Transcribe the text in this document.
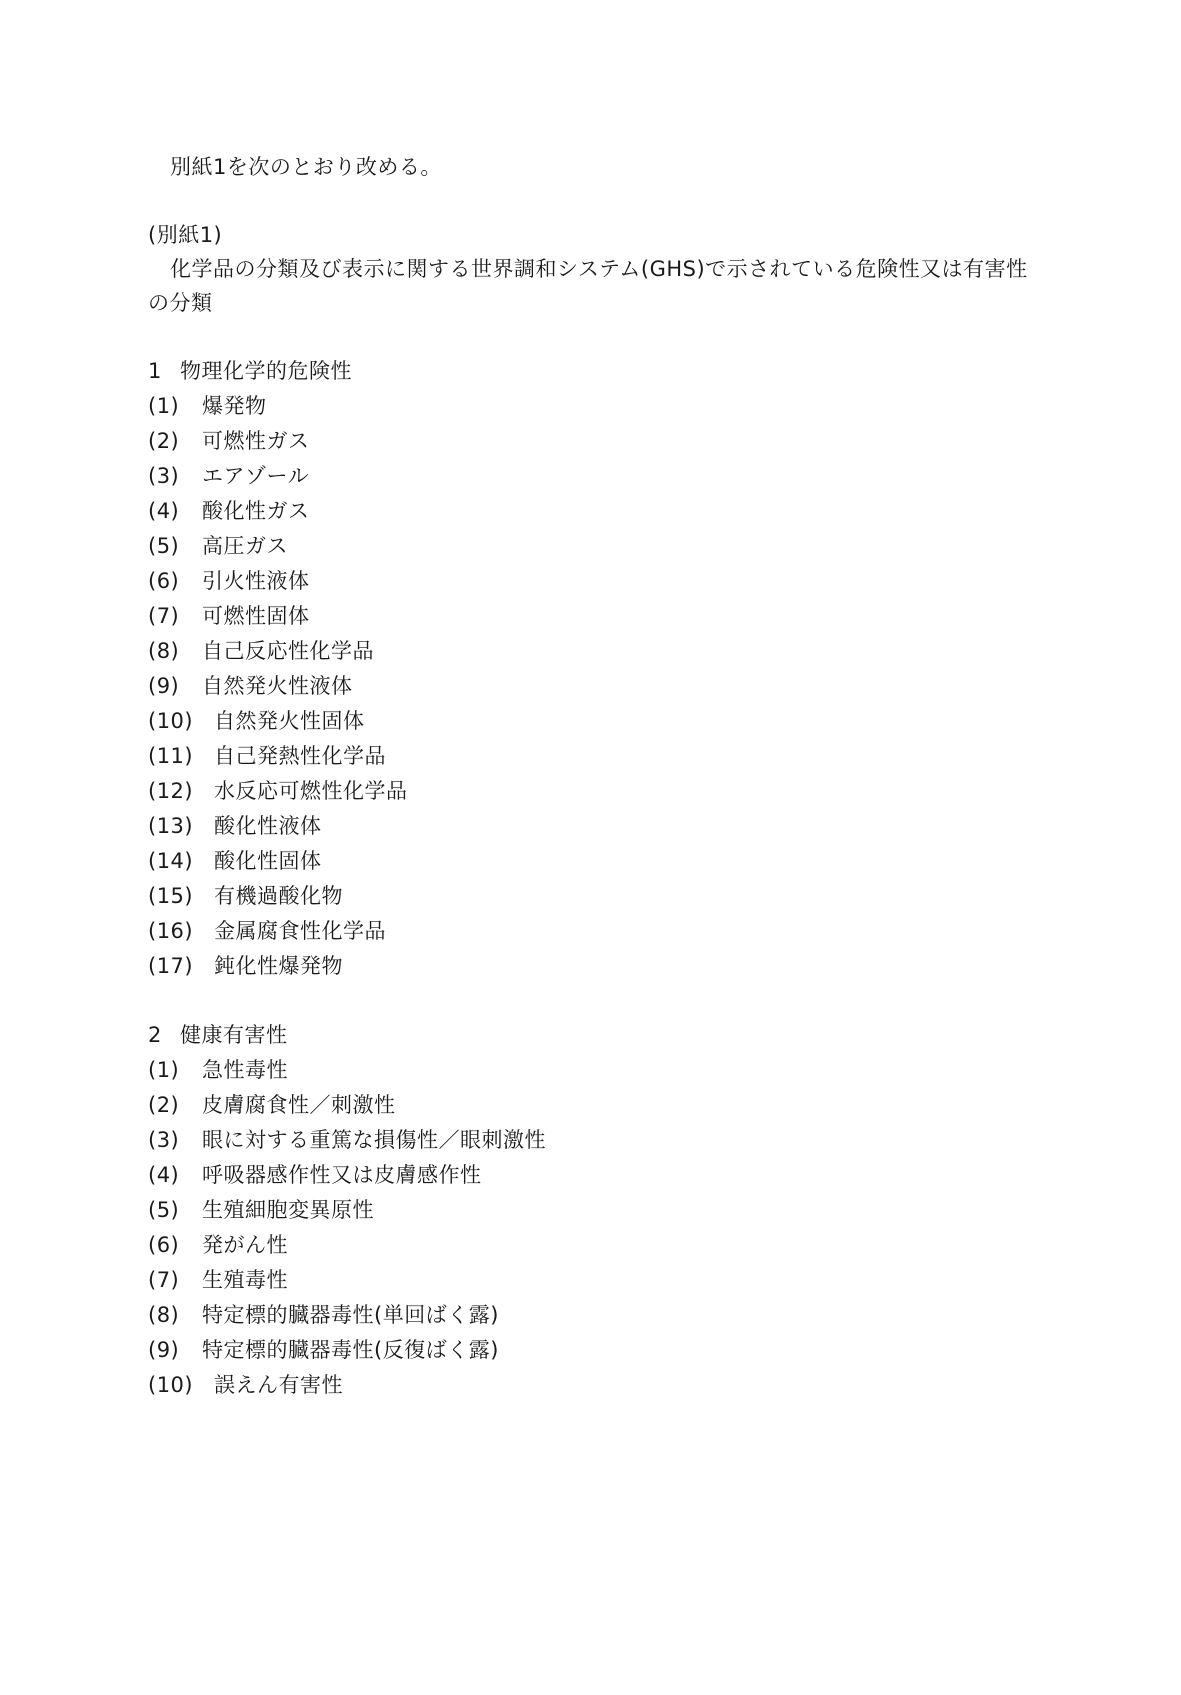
別紙1を次のとおり改める。
(別紙1)
化学品の分類及び表示に関する世界調和システム(GHS)で示されている危険性又は有害性
の分類
1 物理化学的危険性
(1) 爆発物
(2) 可燃性ガス
(3) エアゾール
(4) 酸化性ガス
(5) 高圧ガス
(6) 引火性液体
(7) 可燃性固体
(8) 自己反応性化学品
(9) 自然発火性液体
(10) 自然発火性固体
(11) 自己発熱性化学品
(12) 水反応可燃性化学品
(13) 酸化性液体
(14) 酸化性固体
(15) 有機過酸化物
(16) 金属腐食性化学品
(17) 鈍化性爆発物
2 健康有害性
(1) 急性毒性
(2) 皮膚腐食性／刺激性
(3) 眼に対する重篤な損傷性／眼刺激性
(4) 呼吸器感作性又は皮膚感作性
(5) 生殖細胞変異原性
(6) 発がん性
(7) 生殖毒性
(8) 特定標的臓器毒性(単回ばく露)
(9) 特定標的臓器毒性(反復ばく露)
(10) 誤えん有害性
